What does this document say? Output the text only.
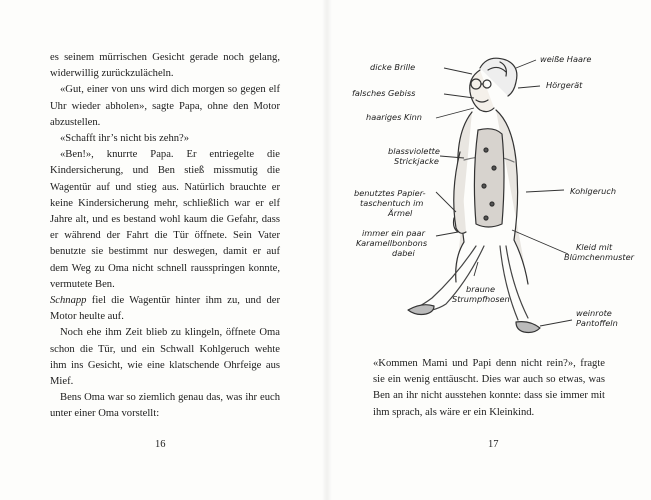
es seinem mürrischen Gesicht gerade noch gelang, widerwillig zurückzulächeln.

«Gut, einer von uns wird dich morgen so gegen elf Uhr wieder abholen», sagte Papa, ohne den Motor abzustellen.

«Schafft ihr’s nicht bis zehn?»

«Ben!», knurrte Papa. Er entriegelte die Kindersicherung, und Ben stieß missmutig die Wagentür auf und stieg aus. Natürlich brauchte er keine Kindersicherung mehr, schließlich war er elf Jahre alt, und es bestand wohl kaum die Gefahr, dass er während der Fahrt die Tür öffnete. Sein Vater benutzte sie bestimmt nur deswegen, damit er auf dem Weg zu Oma nicht schnell rausspringen konnte, vermutete Ben.

Schnapp fiel die Wagentür hinter ihm zu, und der Motor heulte auf.

Noch ehe ihm Zeit blieb zu klingeln, öffnete Oma schon die Tür, und ein Schwall Kohlgeruch wehte ihm ins Gesicht, wie eine klatschende Ohrfeige aus Mief.

Bens Oma war so ziemlich genau das, was ihr euch unter einer Oma vorstellt:

16
dicke Brille
falsches Gebiss
haariges Kinn
blassviolette
Strickjacke
benutztes Papier-
taschentuch im
Ärmel
immer ein paar
Karamellbonbons
dabei
braune
Strumpfhosen
weiße Haare
Hörgerät
Kohlgeruch
Kleid mit
Blümchenmuster
weinrote
Pantoffeln

«Kommen Mami und Papi denn nicht rein?», fragte sie ein wenig enttäuscht. Dies war auch so etwas, was Ben an ihr nicht ausstehen konnte: dass sie immer mit ihm sprach, als wäre er ein Kleinkind.

17
